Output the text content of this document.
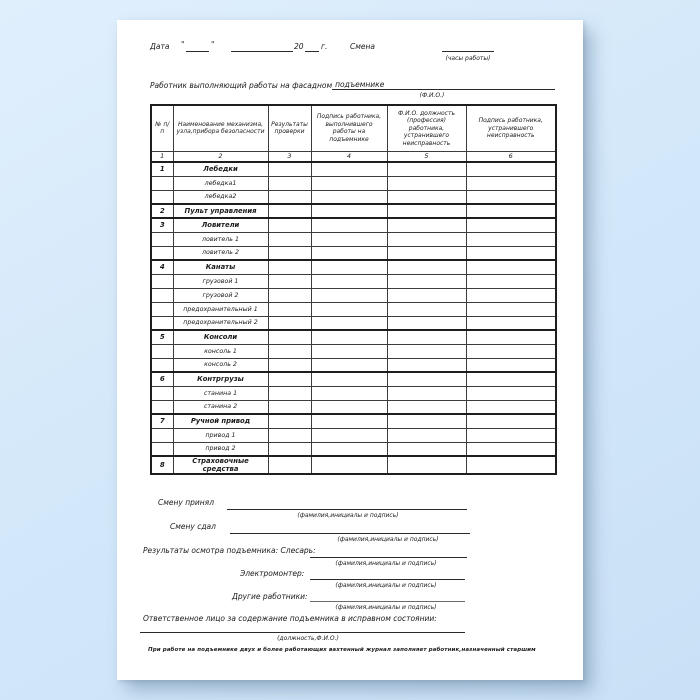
Дата "	"	20 г.	Смена
(часы работы)
Работник выполняющий работы на фасадном подъемнике
(Ф.И.О.)
№ п/п	Наименование механизма, узла,прибора безопасности	Результаты проверки	Подпись работника, выполнившего работы на подъемнике	Ф.И.О. должность (профессия) работника, устранившего неисправность	Подпись работника, устранившего неисправность
1	2	3	4	5	6
1	Лебедки				
	лебедка1				
	лебедка2				
2	Пульт управления				
3	Ловители				
	ловитель 1				
	ловитель 2				
4	Канаты				
	грузовой 1				
	грузовой 2				
	предохранительный 1				
	предохранительный 2				
5	Консоли				
	консоль 1				
	консоль 2				
6	Контргрузы				
	станина 1				
	станина 2				
7	Ручной привод				
	привод 1				
	привод 2				
8	Страховочные средства				
Смену принял
(фамилия,инициалы и подпись)
Смену сдал
(фамилия,инициалы и подпись)
Результаты осмотра подъемника: Слесарь:
(фамилия,инициалы и подпись)
Электромонтер:
(фамилия,инициалы и подпись)
Другие работники:
(фамилия,инициалы и подпись)
Ответственное лицо за содержание подъемника в исправном состоянии:
(должность,Ф.И.О.)
При работе на подъемнике двух и более работающих вахтенный журнал заполняет работник,назначенный старшим
